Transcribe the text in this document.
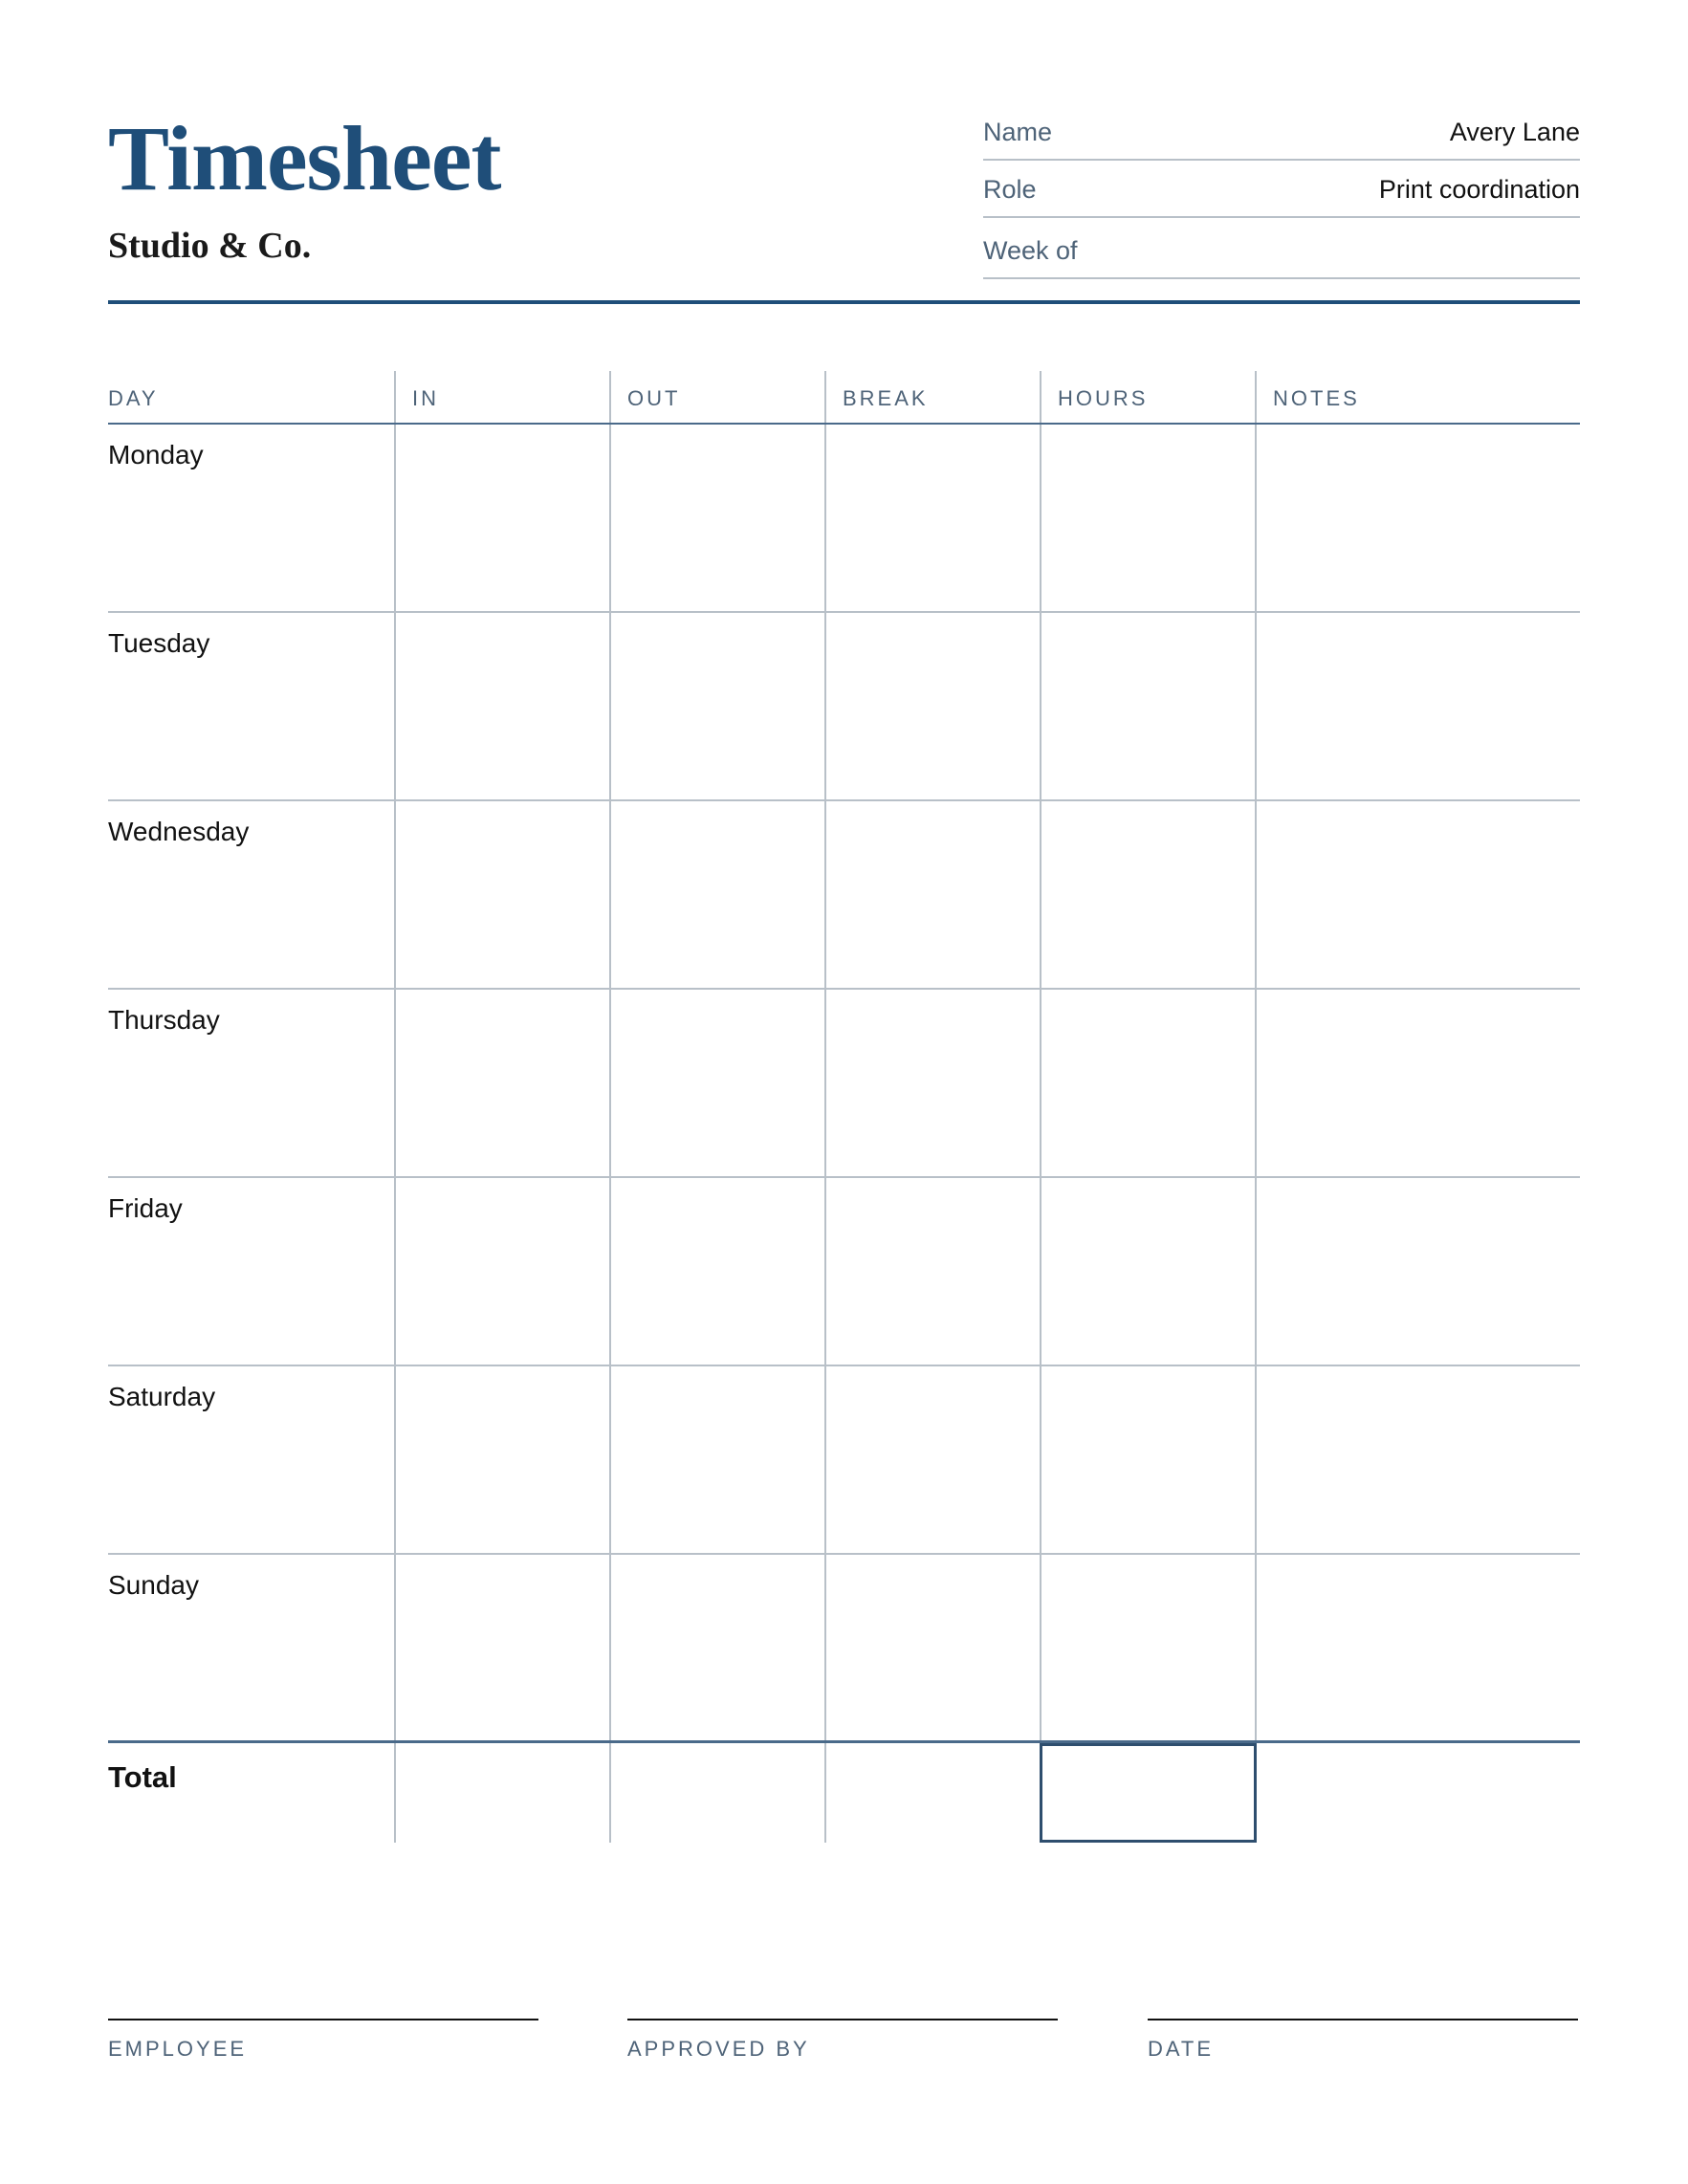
Timesheet
Studio & Co.
Name	Avery Lane
Role	Print coordination
Week of
DAY	IN	OUT	BREAK	HOURS	NOTES
Monday
Tuesday
Wednesday
Thursday
Friday
Saturday
Sunday
Total
EMPLOYEE	APPROVED BY	DATE
